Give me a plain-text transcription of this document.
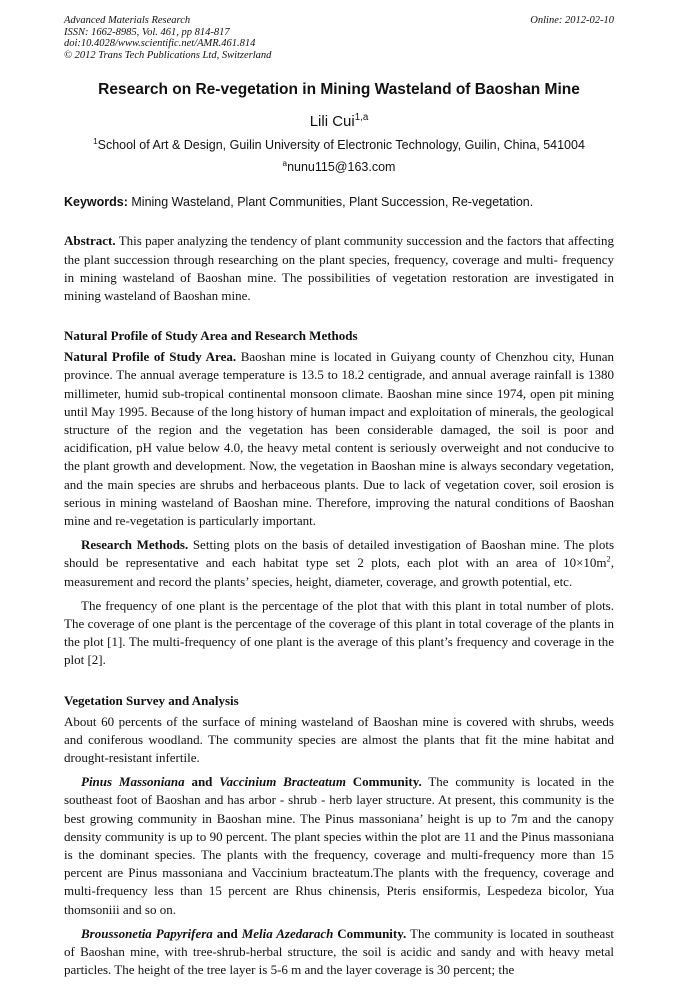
Advanced Materials Research
ISSN: 1662-8985, Vol. 461, pp 814-817
doi:10.4028/www.scientific.net/AMR.461.814
© 2012 Trans Tech Publications Ltd, Switzerland
Online: 2012-02-10
Research on Re-vegetation in Mining Wasteland of Baoshan Mine
Lili Cui$^{1,a}$
$^1$School of Art & Design, Guilin University of Electronic Technology, Guilin, China, 541004
$^a$nunu115@163.com
Keywords: Mining Wasteland, Plant Communities, Plant Succession, Re-vegetation.
Abstract. This paper analyzing the tendency of plant community succession and the factors that affecting the plant succession through researching on the plant species, frequency, coverage and multi- frequency in mining wasteland of Baoshan mine. The possibilities of vegetation restoration are investigated in mining wasteland of Baoshan mine.
Natural Profile of Study Area and Research Methods
Natural Profile of Study Area. Baoshan mine is located in Guiyang county of Chenzhou city, Hunan province. The annual average temperature is 13.5 to 18.2 centigrade, and annual average rainfall is 1380 millimeter, humid sub-tropical continental monsoon climate. Baoshan mine since 1974, open pit mining until May 1995. Because of the long history of human impact and exploitation of minerals, the geological structure of the region and the vegetation has been considerable damaged, the soil is poor and acidification, pH value below 4.0, the heavy metal content is seriously overweight and not conducive to the plant growth and development. Now, the vegetation in Baoshan mine is always secondary vegetation, and the main species are shrubs and herbaceous plants. Due to lack of vegetation cover, soil erosion is serious in mining wasteland of Baoshan mine. Therefore, improving the natural conditions of Baoshan mine and re-vegetation is particularly important.
Research Methods. Setting plots on the basis of detailed investigation of Baoshan mine. The plots should be representative and each habitat type set 2 plots, each plot with an area of $10\times 10m^2$, measurement and record the plants’ species, height, diameter, coverage, and growth potential, etc.
The frequency of one plant is the percentage of the plot that with this plant in total number of plots. The coverage of one plant is the percentage of the coverage of this plant in total coverage of the plants in the plot [1]. The multi-frequency of one plant is the average of this plant’s frequency and coverage in the plot [2].
Vegetation Survey and Analysis
About 60 percents of the surface of mining wasteland of Baoshan mine is covered with shrubs, weeds and coniferous woodland. The community species are almost the plants that fit the mine habitat and drought-resistant infertile.
Pinus Massoniana and Vaccinium Bracteatum Community. The community is located in the southeast foot of Baoshan and has arbor - shrub - herb layer structure. At present, this community is the best growing community in Baoshan mine. The Pinus massoniana’ height is up to 7m and the canopy density community is up to 90 percent. The plant species within the plot are 11 and the Pinus massoniana is the dominant species. The plants with the frequency, coverage and multi-frequency more than 15 percent are Pinus massoniana and Vaccinium bracteatum.The plants with the frequency, coverage and multi-frequency less than 15 percent are Rhus chinensis, Pteris ensiformis, Lespedeza bicolor, Yua thomsoniii and so on.
Broussonetia Papyrifera and Melia Azedarach Community. The community is located in southeast of Baoshan mine, with tree-shrub-herbal structure, the soil is acidic and sandy and with heavy metal particles. The height of the tree layer is 5-6 m and the layer coverage is 30 percent; the
